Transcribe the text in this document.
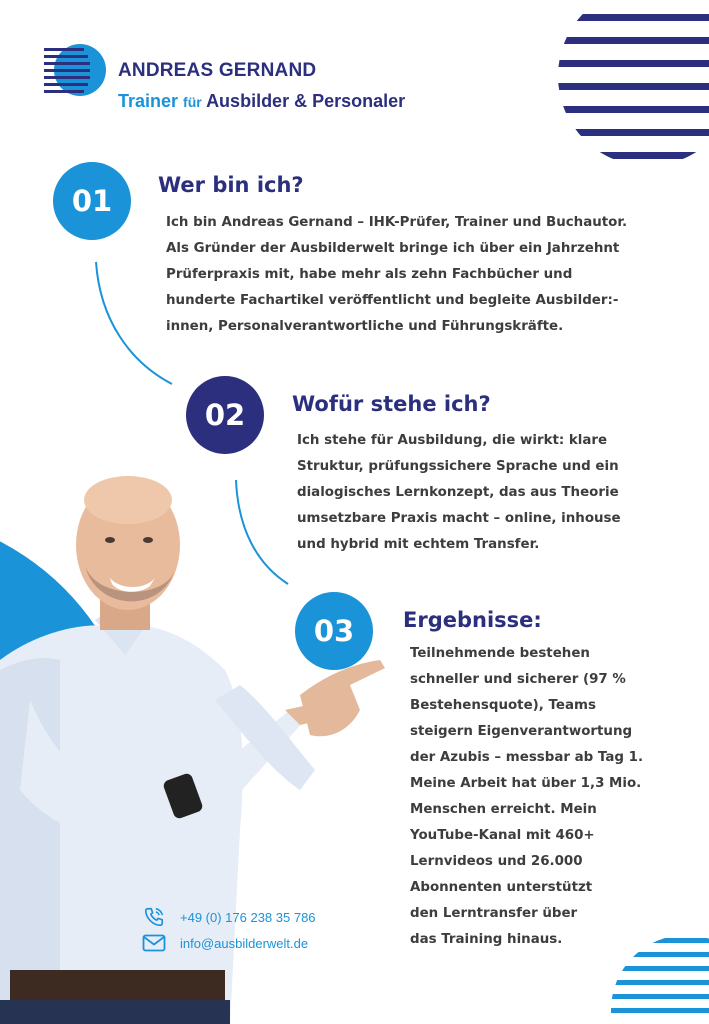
ANDREAS GERNAND
Trainer für Ausbilder & Personaler
01	Wer bin ich?
Ich bin Andreas Gernand – IHK-Prüfer, Trainer und Buchautor.
Als Gründer der Ausbilderwelt bringe ich über ein Jahrzehnt
Prüferpraxis mit, habe mehr als zehn Fachbücher und
hunderte Fachartikel veröffentlicht und begleite Ausbilder:-
innen, Personalverantwortliche und Führungskräfte.
02	Wofür stehe ich?
Ich stehe für Ausbildung, die wirkt: klare
Struktur, prüfungssichere Sprache und ein
dialogisches Lernkonzept, das aus Theorie
umsetzbare Praxis macht – online, inhouse
und hybrid mit echtem Transfer.
03	Ergebnisse:
Teilnehmende bestehen
schneller und sicherer (97 %
Bestehensquote), Teams
steigern Eigenverantwortung
der Azubis – messbar ab Tag 1.
Meine Arbeit hat über 1,3 Mio.
Menschen erreicht. Mein
YouTube-Kanal mit 460+
Lernvideos und 26.000
Abonnenten unterstützt
den Lerntransfer über
das Training hinaus.
+49 (0) 176 238 35 786
info@ausbilderwelt.de
